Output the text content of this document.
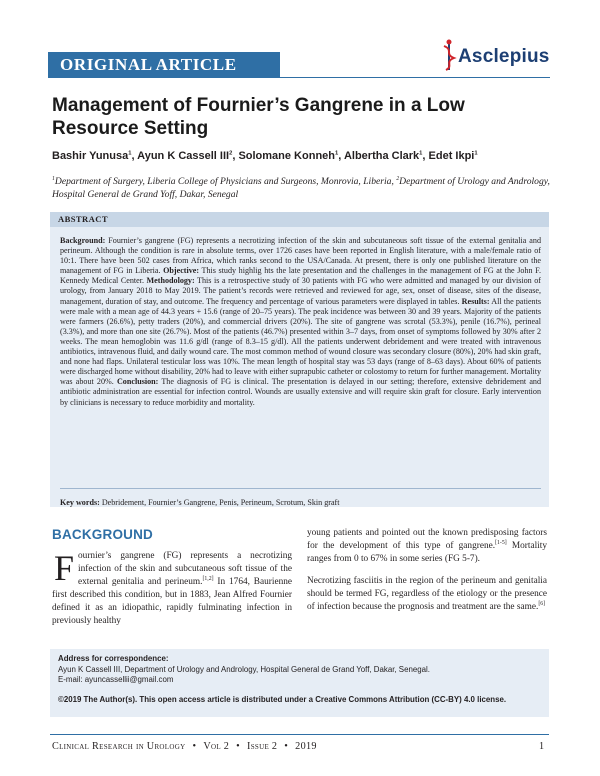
ORIGINAL ARTICLE	Asclepius
Management of Fournier’s Gangrene in a Low Resource Setting
Bashir Yunusa$^1$, Ayun K Cassell III$^2$, Solomane Konneh$^1$, Albertha Clark$^1$, Edet Ikpi$^1$
$^1$Department of Surgery, Liberia College of Physicians and Surgeons, Monrovia, Liberia, $^2$Department of Urology and Andrology, Hospital General de Grand Yoff, Dakar, Senegal
ABSTRACT
Background: Fournier’s gangrene (FG) represents a necrotizing infection of the skin and subcutaneous soft tissue of the external genitalia and perineum. Although the condition is rare in absolute terms, over 1726 cases have been reported in English literature, with a male/female ratio of 10:1. There have been 502 cases from Africa, which ranks second to the USA/Canada. At present, there is only one published literature on the management of FG in Liberia. Objective: This study highlig hts the late presentation and the challenges in the management of FG at the John F. Kennedy Medical Center. Methodology: This is a retrospective study of 30 patients with FG who were admitted and managed by our division of urology, from January 2018 to May 2019. The patient’s records were retrieved and reviewed for age, sex, onset of disease, sites of the disease, management, duration of stay, and outcome. The frequency and percentage of various parameters were displayed in tables. Results: All the patients were male with a mean age of 44.3 years + 15.6 (range of 20–75 years). The peak incidence was between 30 and 39 years. Majority of the patients were farmers (26.6%), petty traders (20%), and commercial drivers (20%). The site of gangrene was scrotal (53.3%), penile (16.7%), perineal (3.3%), and more than one site (26.7%). Most of the patients (46.7%) presented within 3–7 days, from onset of symptoms followed by 30% after 2 weeks. The mean hemoglobin was 11.6 g/dl (range of 8.3–15 g/dl). All the patients underwent debridement and were treated with intravenous antibiotics, intravenous fluid, and daily wound care. The most common method of wound closure was secondary closure (80%), 20% had skin graft, and none had flaps. Unilateral testicular loss was 10%. The mean length of hospital stay was 53 days (range of 8–63 days). About 60% of patients were discharged home without disability, 20% had to leave with either suprapubic catheter or colostomy to return for further management. Mortality was about 20%. Conclusion: The diagnosis of FG is clinical. The presentation is delayed in our setting; therefore, extensive debridement and antibiotic administration are essential for infection control. Wounds are usually extensive and will require skin graft for closure. Early intervention by clinicians is necessary to reduce morbidity and mortality.
Key words: Debridement, Fournier’s Gangrene, Penis, Perineum, Scrotum, Skin graft
BACKGROUND
Fournier’s gangrene (FG) represents a necrotizing infection of the skin and subcutaneous soft tissue of the external genitalia and perineum.[1,2] In 1764, Baurienne first described this condition, but in 1883, Jean Alfred Fournier defined it as an idiopathic, rapidly fulminating infection in previously healthy

young patients and pointed out the known predisposing factors for the development of this type of gangrene.[1-5] Mortality ranges from 0 to 67% in some series (FG 5-7).

Necrotizing fasciitis in the region of the perineum and genitalia should be termed FG, regardless of the etiology or the presence of infection because the prognosis and treatment are the same.[6]

Address for correspondence:
Ayun K Cassell III, Department of Urology and Andrology, Hospital General de Grand Yoff, Dakar, Senegal.
E-mail: ayuncassellii@gmail.com
©2019 The Author(s). This open access article is distributed under a Creative Commons Attribution (CC-BY) 4.0 license.
Clinical Research in Urology • Vol 2 • Issue 2 • 2019	1
